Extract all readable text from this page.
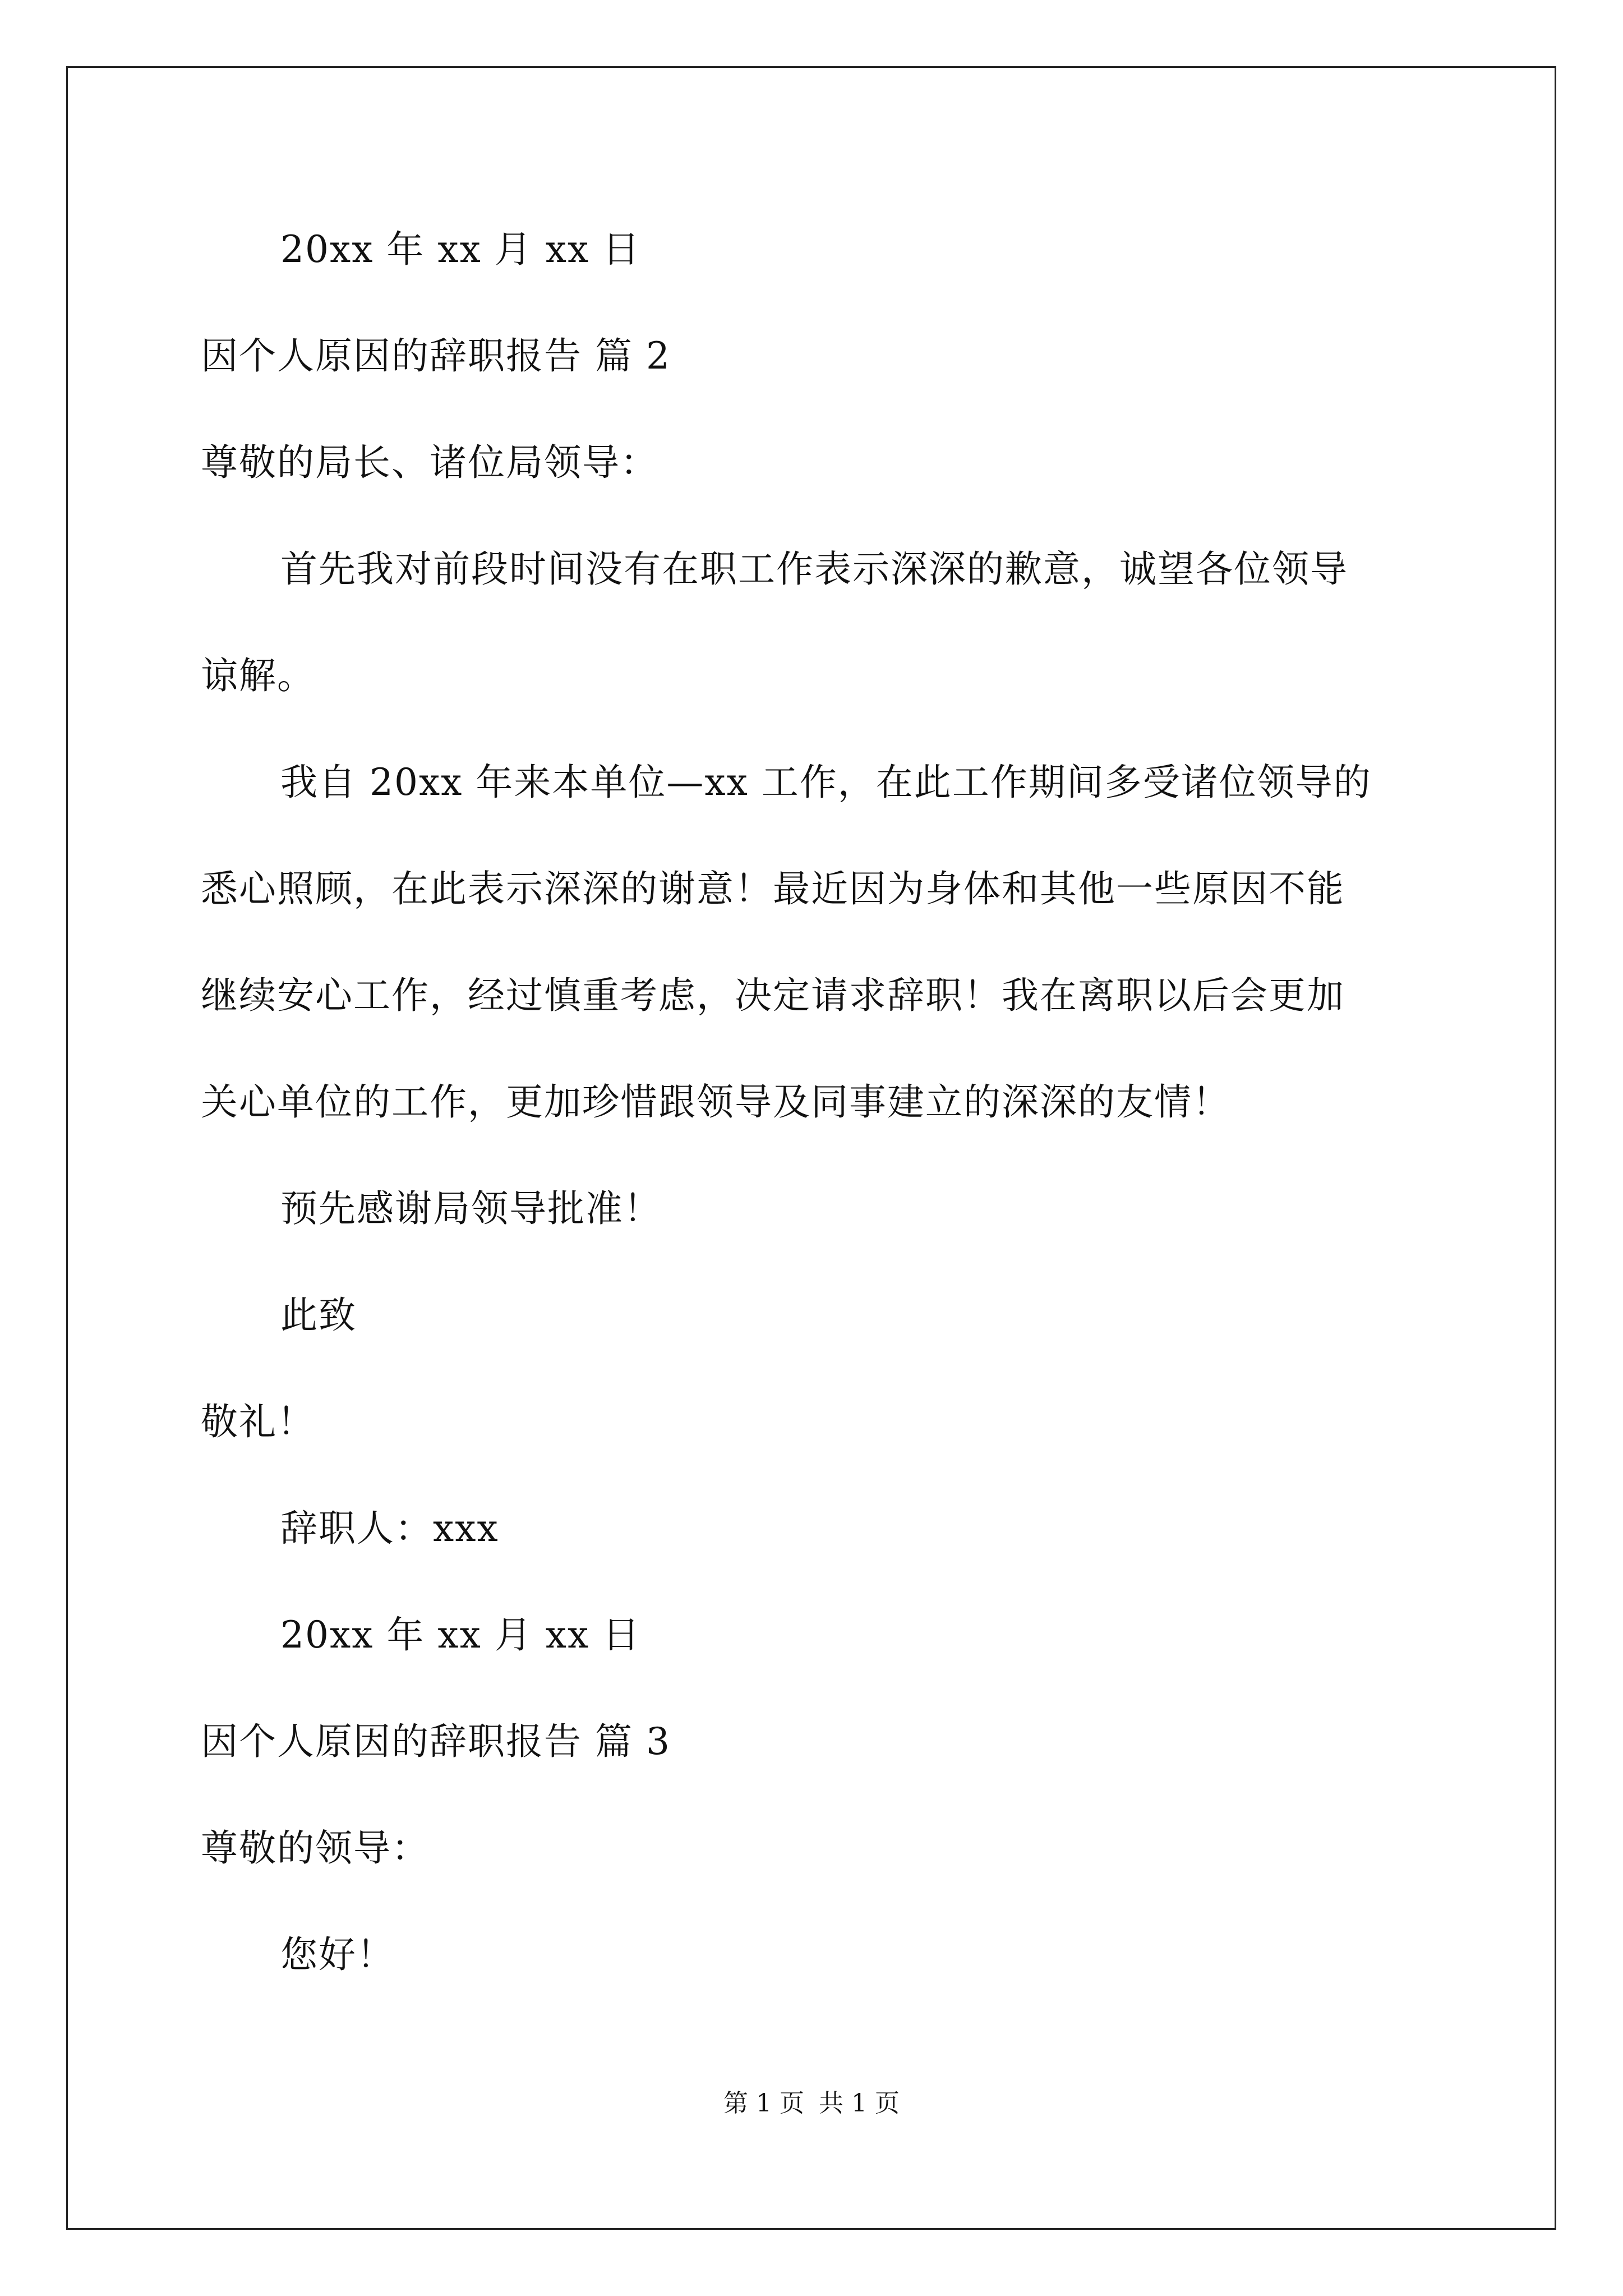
20xx 年 xx 月 xx 日
因个人原因的辞职报告 篇 2
尊敬的局长、诸位局领导：
首先我对前段时间没有在职工作表示深深的歉意，诚望各位领导
谅解。
我自 20xx 年来本单位—xx 工作，在此工作期间多受诸位领导的
悉心照顾，在此表示深深的谢意！最近因为身体和其他一些原因不能
继续安心工作，经过慎重考虑，决定请求辞职！我在离职以后会更加
关心单位的工作，更加珍惜跟领导及同事建立的深深的友情！
预先感谢局领导批准！
此致
敬礼！
辞职人：xxx
20xx 年 xx 月 xx 日
因个人原因的辞职报告 篇 3
尊敬的领导：
您好！
第 1 页 共 1 页
